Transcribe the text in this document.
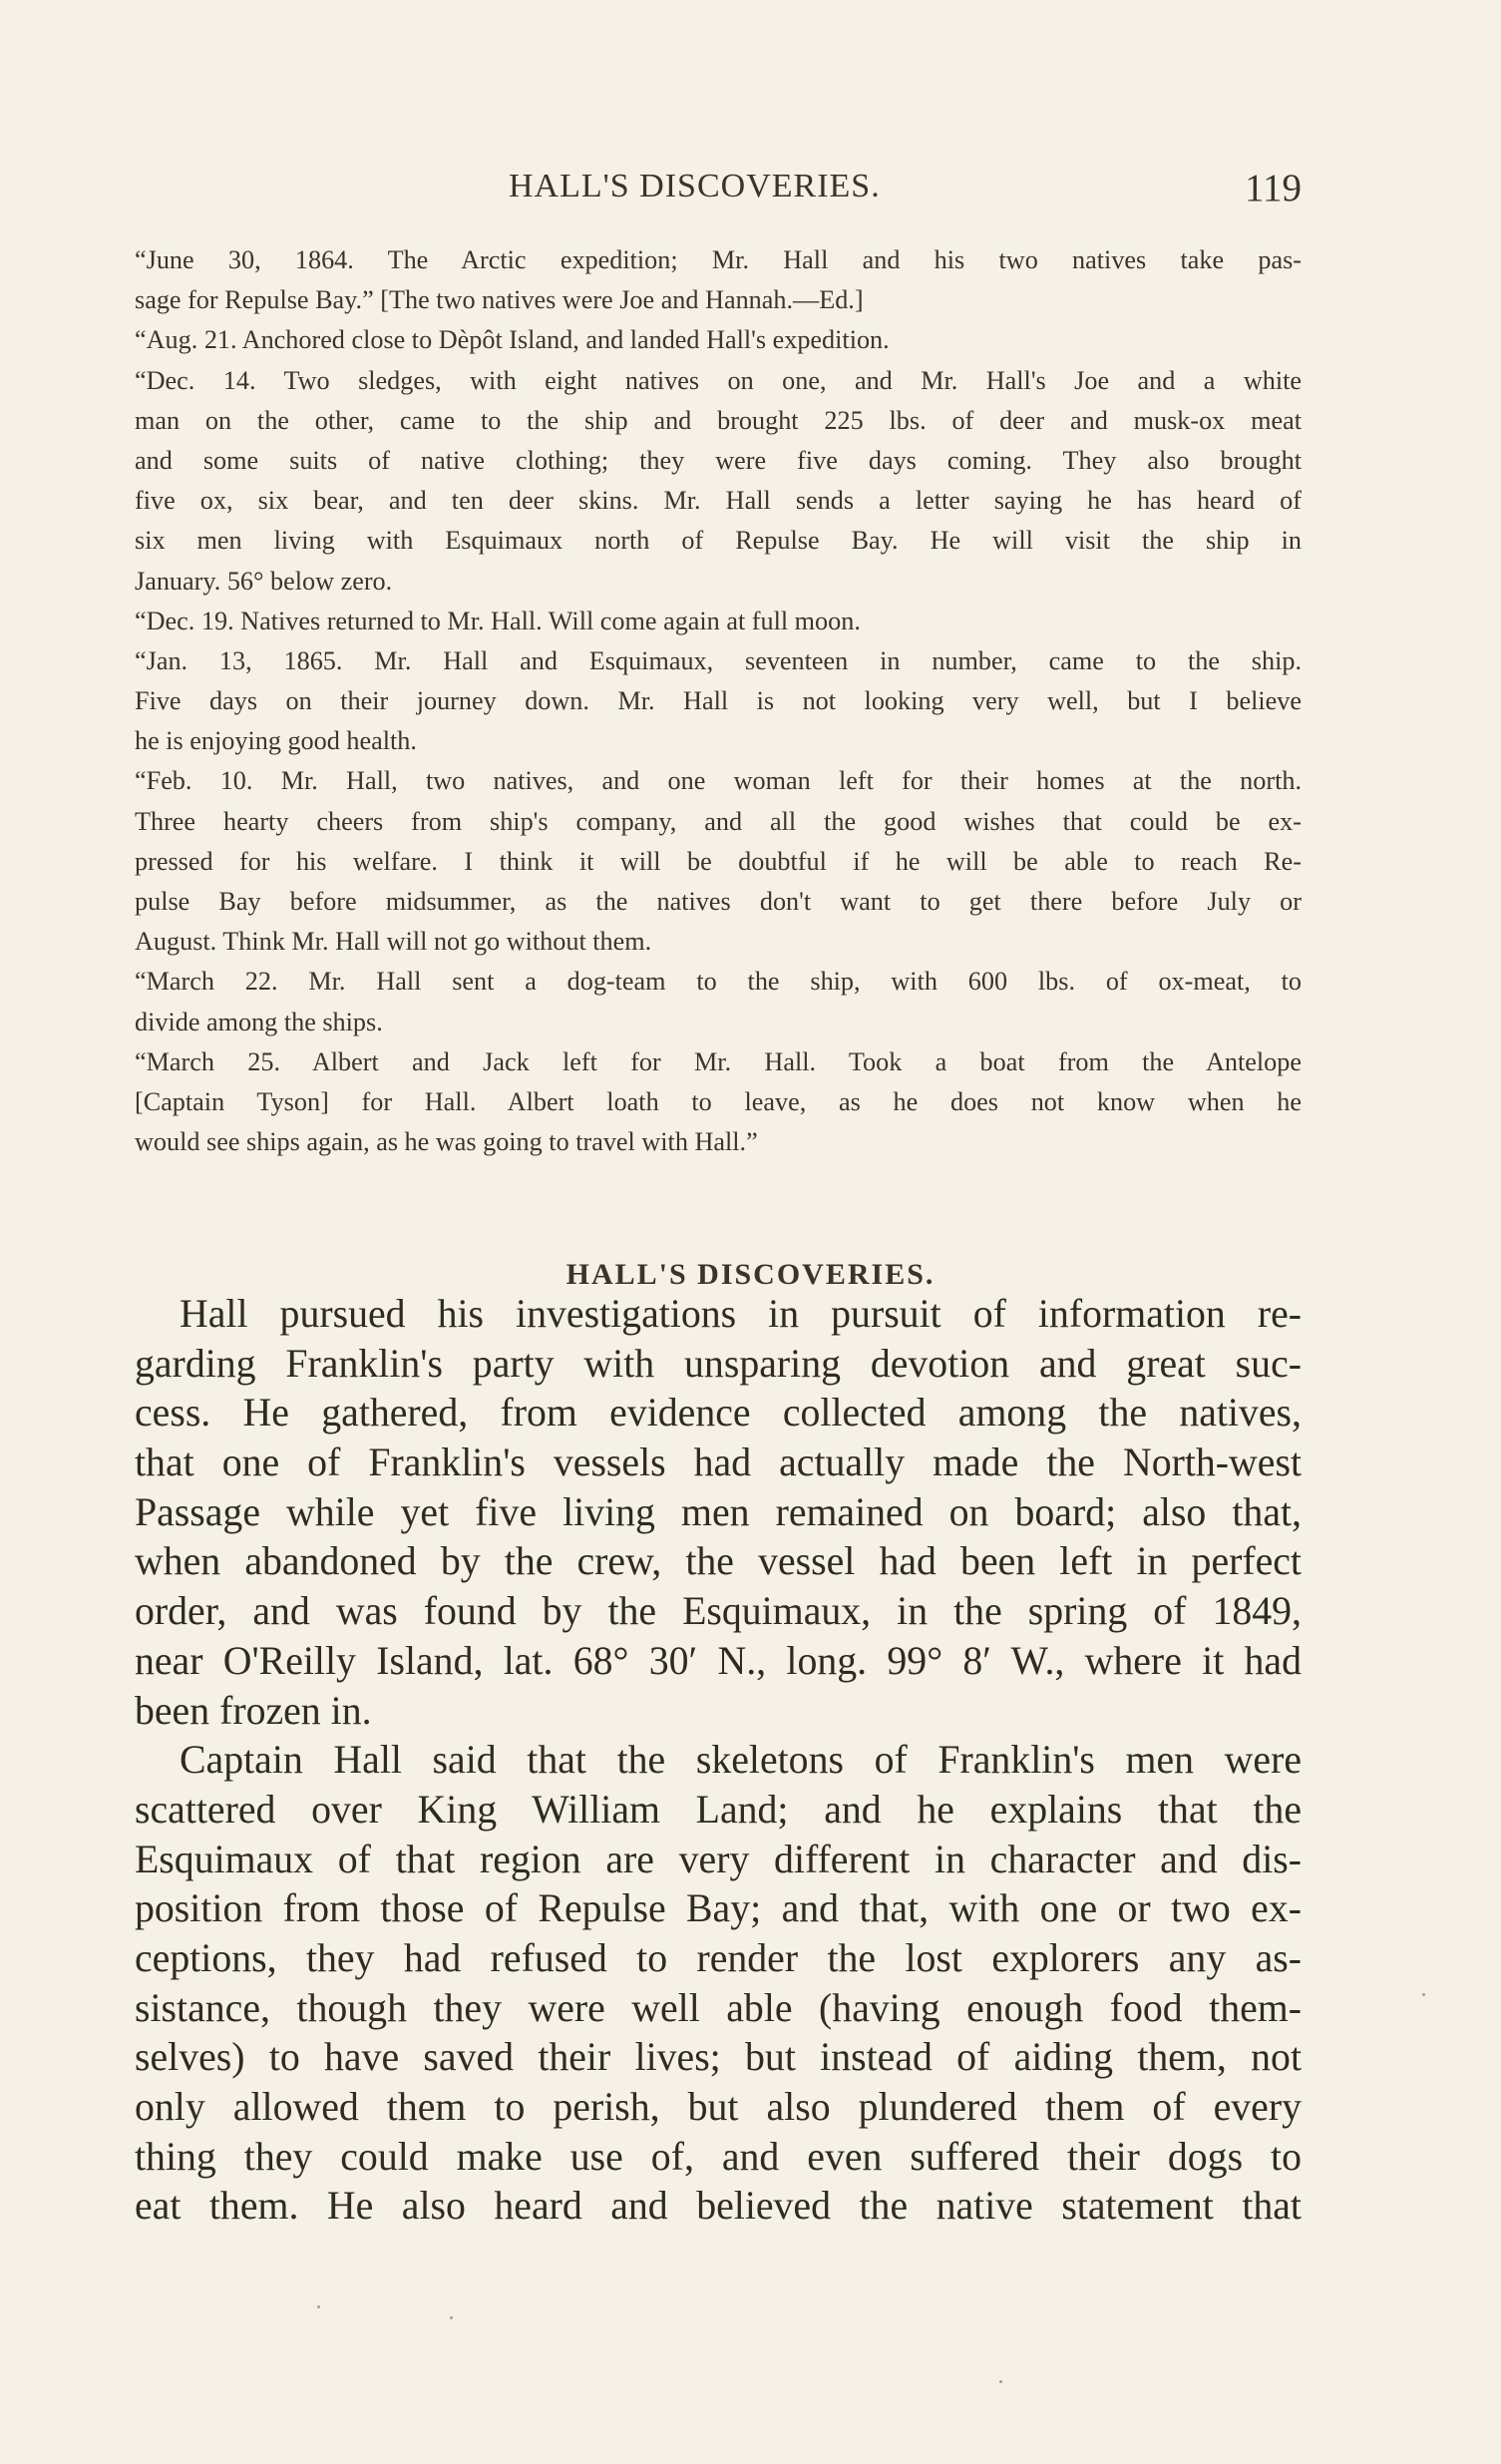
HALL'S DISCOVERIES.	119
“June 30, 1864. The Arctic expedition; Mr. Hall and his two natives take pas-
sage for Repulse Bay.” [The two natives were Joe and Hannah.—Ed.]
“Aug. 21. Anchored close to Dèpôt Island, and landed Hall's expedition.
“Dec. 14. Two sledges, with eight natives on one, and Mr. Hall's Joe and a white
man on the other, came to the ship and brought 225 lbs. of deer and musk-ox meat
and some suits of native clothing; they were five days coming. They also brought
five ox, six bear, and ten deer skins. Mr. Hall sends a letter saying he has heard of
six men living with Esquimaux north of Repulse Bay. He will visit the ship in
January. 56° below zero.
“Dec. 19. Natives returned to Mr. Hall. Will come again at full moon.
“Jan. 13, 1865. Mr. Hall and Esquimaux, seventeen in number, came to the ship.
Five days on their journey down. Mr. Hall is not looking very well, but I believe
he is enjoying good health.
“Feb. 10. Mr. Hall, two natives, and one woman left for their homes at the north.
Three hearty cheers from ship's company, and all the good wishes that could be ex-
pressed for his welfare. I think it will be doubtful if he will be able to reach Re-
pulse Bay before midsummer, as the natives don't want to get there before July or
August. Think Mr. Hall will not go without them.
“March 22. Mr. Hall sent a dog-team to the ship, with 600 lbs. of ox-meat, to
divide among the ships.
“March 25. Albert and Jack left for Mr. Hall. Took a boat from the Antelope
[Captain Tyson] for Hall. Albert loath to leave, as he does not know when he
would see ships again, as he was going to travel with Hall.”
HALL'S DISCOVERIES.
Hall pursued his investigations in pursuit of information re-
garding Franklin's party with unsparing devotion and great suc-
cess. He gathered, from evidence collected among the natives,
that one of Franklin's vessels had actually made the North-west
Passage while yet five living men remained on board; also that,
when abandoned by the crew, the vessel had been left in perfect
order, and was found by the Esquimaux, in the spring of 1849,
near O'Reilly Island, lat. 68° 30′ N., long. 99° 8′ W., where it had
been frozen in.
Captain Hall said that the skeletons of Franklin's men were
scattered over King William Land; and he explains that the
Esquimaux of that region are very different in character and dis-
position from those of Repulse Bay; and that, with one or two ex-
ceptions, they had refused to render the lost explorers any as-
sistance, though they were well able (having enough food them-
selves) to have saved their lives; but instead of aiding them, not
only allowed them to perish, but also plundered them of every
thing they could make use of, and even suffered their dogs to
eat them. He also heard and believed the native statement that
